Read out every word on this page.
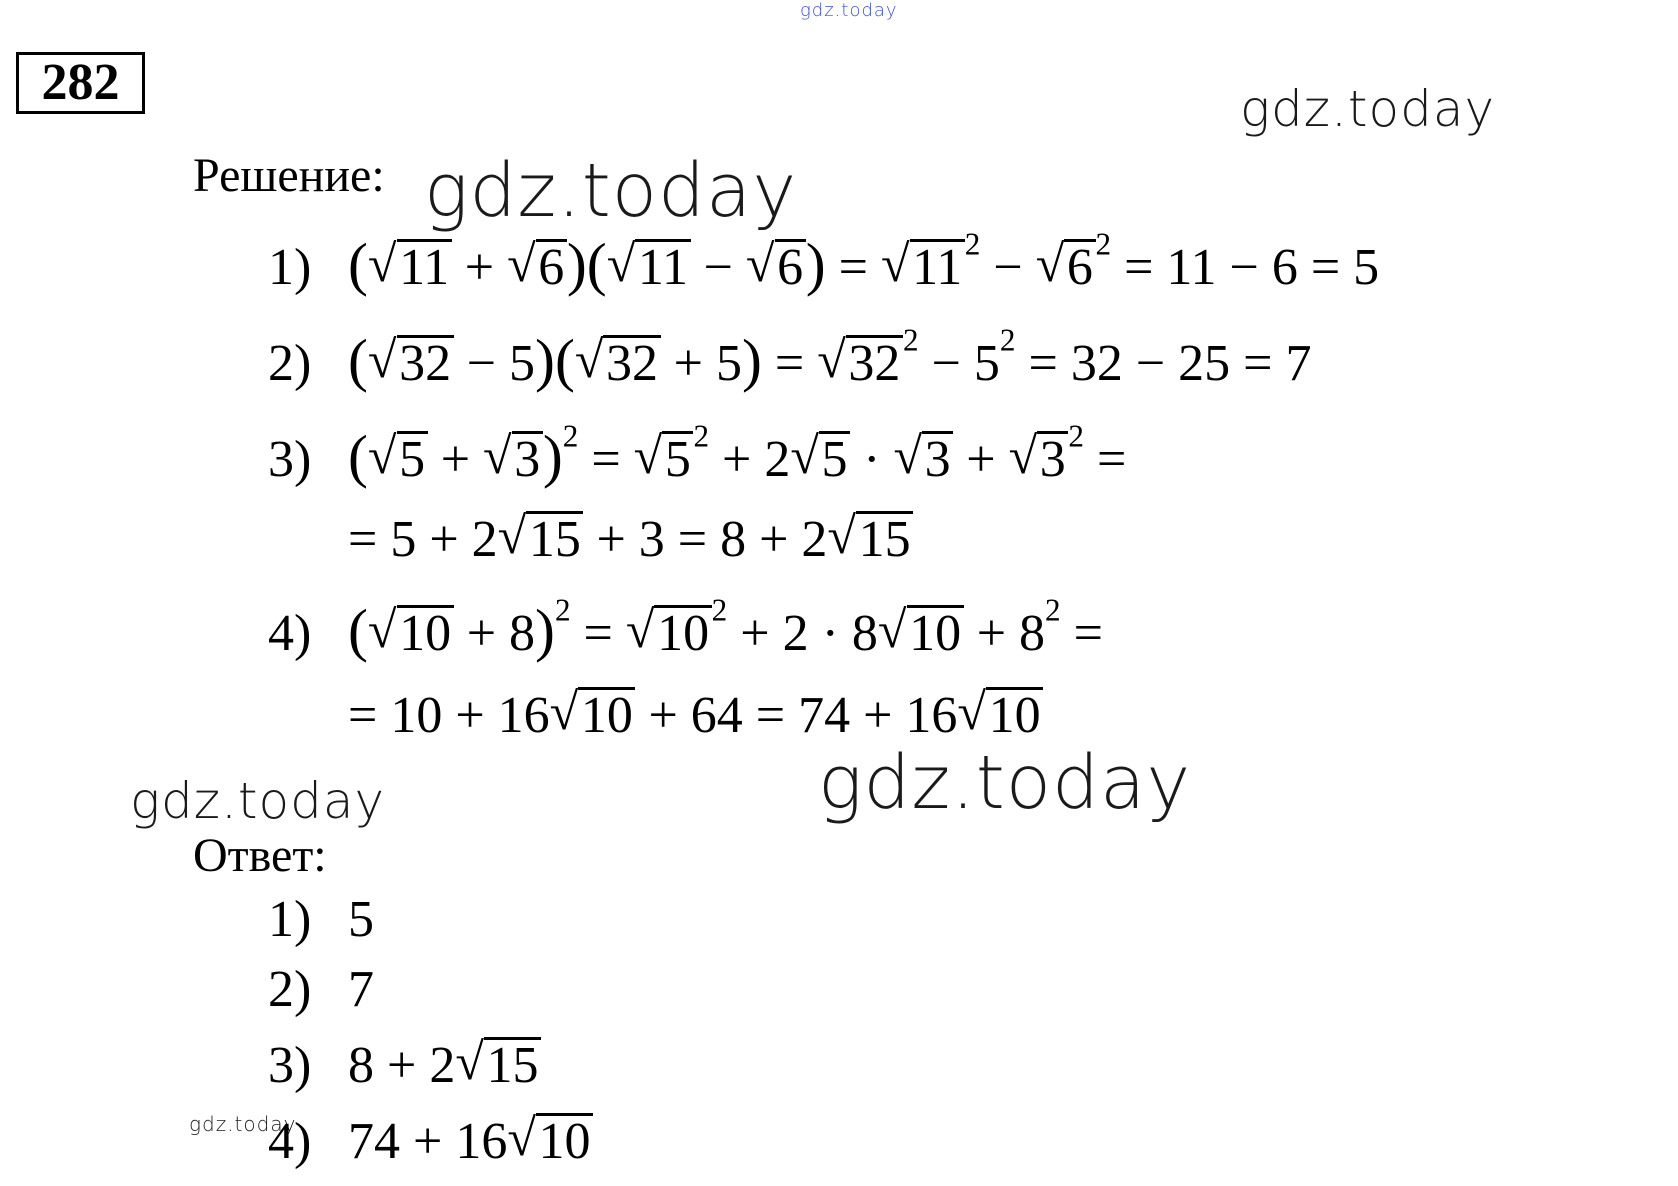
gdz.today
gdz.today
gdz.today
gdz.today
gdz.today
gdz.today
282
Решение:
1) (√ 11 + √ 6)(√ 11 − √ 6) = √ $11^2$ − √ $6^2 = 11 - 6 = 5$
2) (√ 32 − 5)(√ 32 + 5) = √ $32^2 - 5^2 = 32 - 25 = 7$
3) (√ 5 + √ 3)$^2$ = √ $5^2 + 2√$ 5 · √ 3 + √ $3^2$ =
= 5 + 2√ 15 + 3 = 8 + 2√ 15
4) (√ 10 + 8)$^2$ = √ $10^2 + 2 \cdot 8√$ $10 + 8^2$ =
= 10 + 16√ 10 + 64 = 74 + 16√ 10
Ответ:
1) 5
2) 7
3) 8 + 2√ 15
4) 74 + 16√ 10
